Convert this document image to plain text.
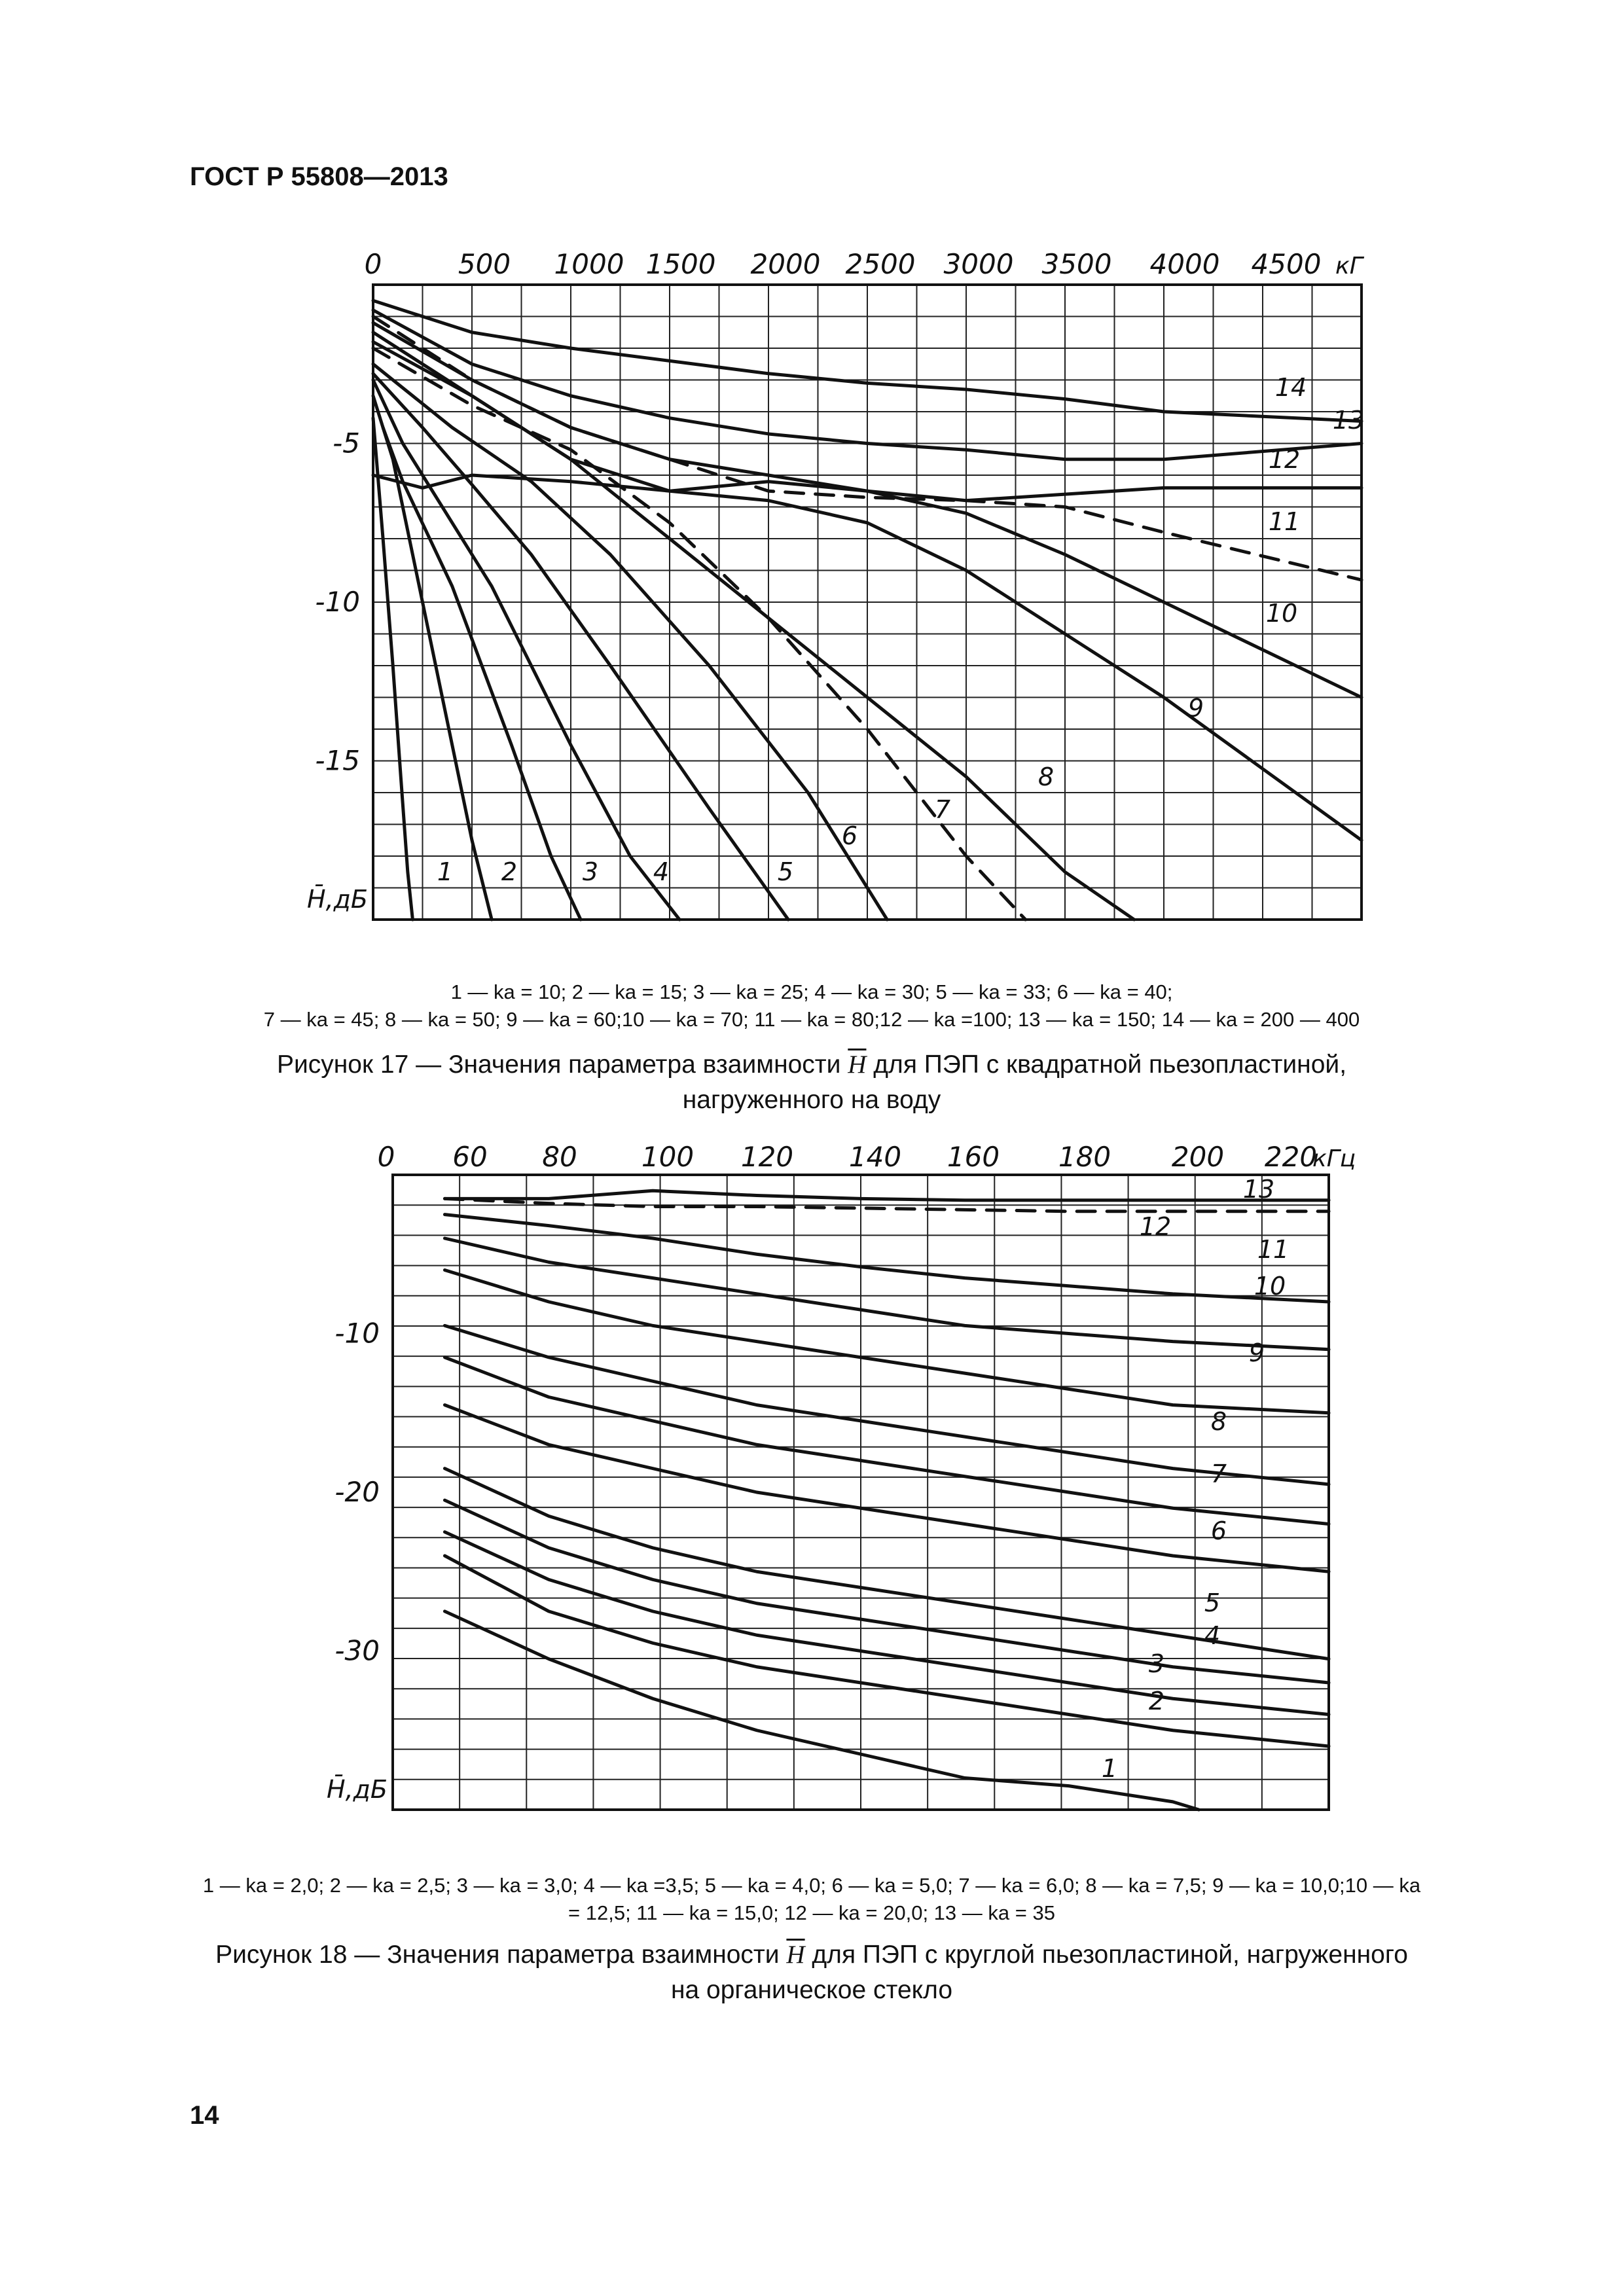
ГОСТ Р 55808—2013
0	500 1000 1500 2000 2500 3000 3500 4000 4500 кГ
-5
-10
-15
H̄,дБ
1 2	3 4	5
6
7
8
9
10
11
12
13
14
1 — ka = 10; 2 — ka = 15; 3 — ka = 25; 4 — ka = 30; 5 — ka = 33; 6 — ka = 40;
7 — ka = 45; 8 — ka = 50; 9 — ka = 60;10 — ka = 70; 11 — ka = 80;12 — ka =100; 13 — ka = 150; 14 — ka = 200 — 400
Рисунок 17 — Значения параметра взаимности $\overline{H}$ для ПЭП с квадратной пьезопластиной,
нагруженного на воду
1 — ka = 2,0; 2 — ka = 2,5; 3 — ka = 3,0; 4 — ka =3,5; 5 — ka = 4,0; 6 — ka = 5,0; 7 — ka = 6,0; 8 — ka = 7,5; 9 — ka = 10,0;10 — ka
= 12,5; 11 — ka = 15,0; 12 — ka = 20,0; 13 — ka = 35
Рисунок 18 — Значения параметра взаимности $\overline{H}$ для ПЭП с круглой пьезопластиной, нагруженного
на органическое стекло
14
0 60 80 100 120 140 160 180 200 220
кГц
-10
-20
-30
H̄,дБ
1
2
3
4
5
6
7
8
9
10
11
12
13
